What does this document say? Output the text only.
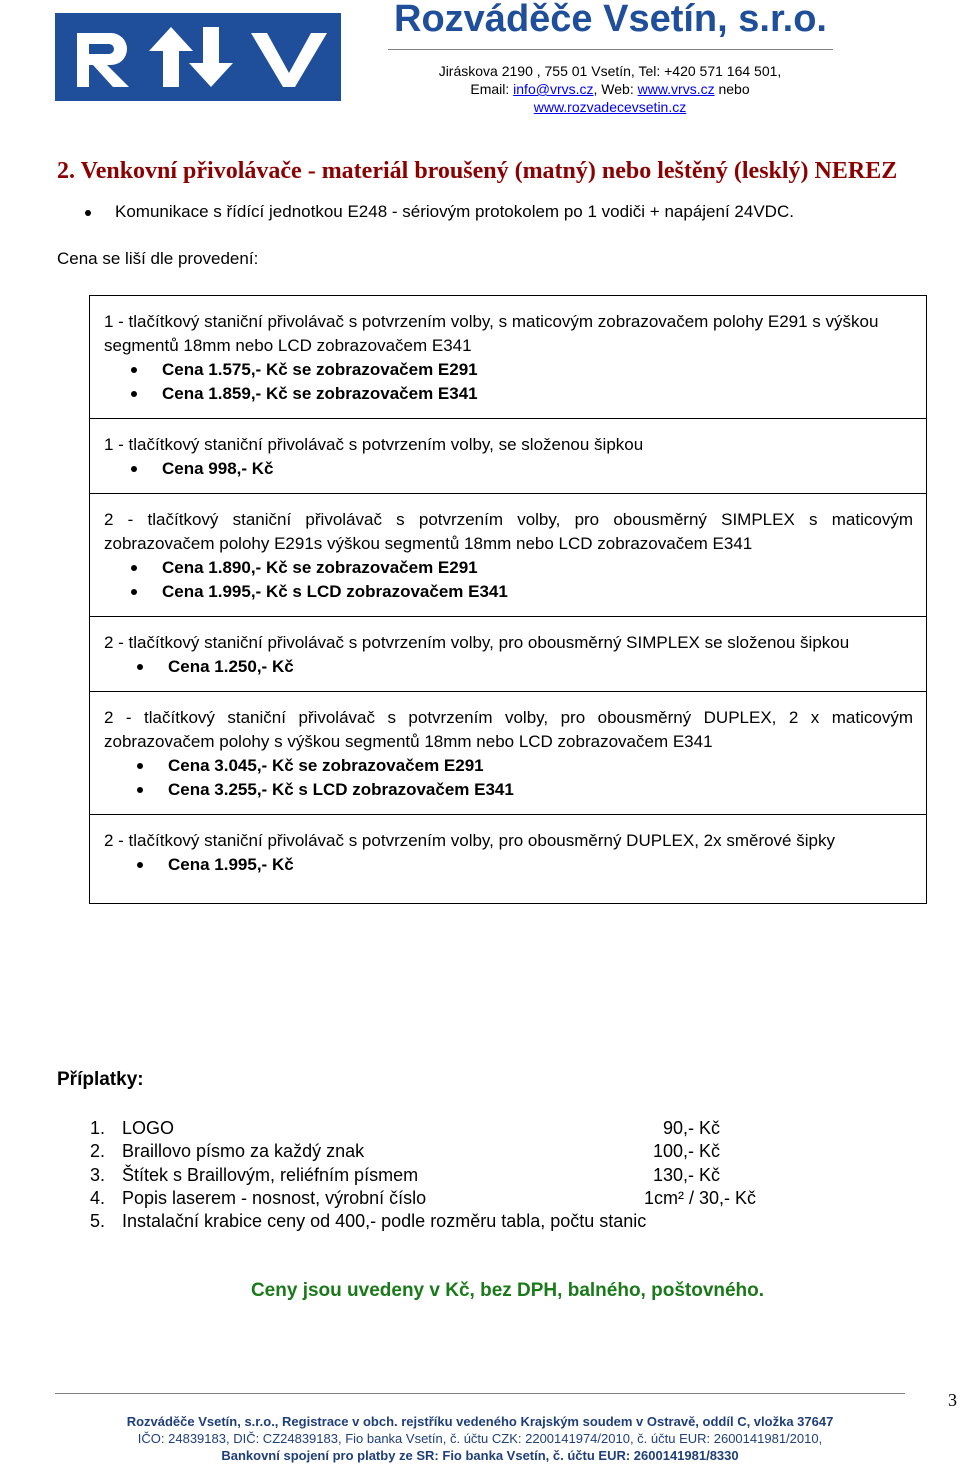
Rozváděče Vsetín, s.r.o.
Jiráskova 2190 , 755 01 Vsetín, Tel: +420 571 164 501,
Email: info@vrvs.cz, Web: www.vrvs.cz nebo
www.rozvadecevsetin.cz
2. Venkovní přivolávače - materiál broušený (matný) nebo leštěný (lesklý) NEREZ
Komunikace s řídící jednotkou E248 - sériovým protokolem po 1 vodiči + napájení 24VDC.
Cena se liší dle provedení:
1 - tlačítkový staniční přivolávač s potvrzením volby, s maticovým zobrazovačem polohy E291 s výškou segmentů 18mm nebo LCD zobrazovačem E341
Cena 1.575,- Kč se zobrazovačem E291
Cena 1.859,- Kč se zobrazovačem E341
1 - tlačítkový staniční přivolávač s potvrzením volby, se složenou šipkou
Cena 998,- Kč
2 - tlačítkový staniční přivolávač s potvrzením volby, pro obousměrný SIMPLEX s maticovým zobrazovačem polohy E291s výškou segmentů 18mm nebo LCD zobrazovačem E341
Cena 1.890,- Kč se zobrazovačem E291
Cena 1.995,- Kč s LCD zobrazovačem E341
2 - tlačítkový staniční přivolávač s potvrzením volby, pro obousměrný SIMPLEX se složenou šipkou
Cena 1.250,- Kč
2 - tlačítkový staniční přivolávač s potvrzením volby, pro obousměrný DUPLEX, 2 x maticovým zobrazovačem polohy s výškou segmentů 18mm nebo LCD zobrazovačem E341
Cena 3.045,- Kč se zobrazovačem E291
Cena 3.255,- Kč s LCD zobrazovačem E341
2 - tlačítkový staniční přivolávač s potvrzením volby, pro obousměrný DUPLEX, 2x směrové šipky
Cena 1.995,- Kč
Příplatky:
1. LOGO	90,- Kč
2. Braillovo písmo za každý znak	100,- Kč
3. Štítek s Braillovým, reliéfním písmem	130,- Kč
4. Popis laserem - nosnost, výrobní číslo	1cm² / 30,- Kč
5. Instalační krabice ceny od 400,- podle rozměru tabla, počtu stanic
Ceny jsou uvedeny v Kč, bez DPH, balného, poštovného.
3
Rozváděče Vsetín, s.r.o., Registrace v obch. rejstříku vedeného Krajským soudem v Ostravě, oddíl C, vložka 37647
IČO: 24839183, DIČ: CZ24839183, Fio banka Vsetín, č. účtu CZK: 2200141974/2010, č. účtu EUR: 2600141981/2010,
Bankovní spojení pro platby ze SR: Fio banka Vsetín, č. účtu EUR: 2600141981/8330
